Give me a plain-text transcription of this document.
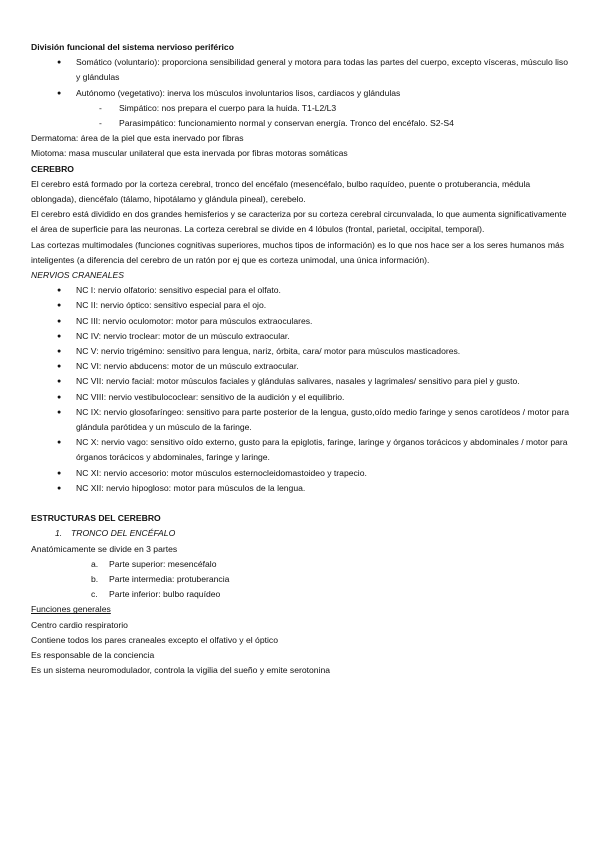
División funcional del sistema nervioso periférico

● Somático (voluntario): proporciona sensibilidad general y motora para todas las partes del cuerpo, excepto vísceras, músculo liso y glándulas
● Autónomo (vegetativo): inerva los músculos involuntarios lisos, cardiacos y glándulas
- Simpático: nos prepara el cuerpo para la huida. T1-L2/L3
- Parasimpático: funcionamiento normal y conservan energía. Tronco del encéfalo. S2-S4

Dermatoma: área de la piel que esta inervado por fibras

Miotoma: masa muscular unilateral que esta inervada por fibras motoras somáticas

CEREBRO

El cerebro está formado por la corteza cerebral, tronco del encéfalo (mesencéfalo, bulbo raquídeo, puente o protuberancia, médula oblongada), diencéfalo (tálamo, hipotálamo y glándula pineal), cerebelo.

El cerebro está dividido en dos grandes hemisferios y se caracteriza por su corteza cerebral circunvalada, lo que aumenta significativamente el área de superficie para las neuronas. La corteza cerebral se divide en 4 lóbulos (frontal, parietal, occipital, temporal).

Las cortezas multimodales (funciones cognitivas superiores, muchos tipos de información) es lo que nos hace ser a los seres humanos más inteligentes (a diferencia del cerebro de un ratón por ej que es corteza unimodal, una única información).

NERVIOS CRANEALES

● NC I: nervio olfatorio: sensitivo especial para el olfato.
● NC II: nervio óptico: sensitivo especial para el ojo.
● NC III: nervio oculomotor: motor para músculos extraoculares.
● NC IV: nervio troclear: motor de un músculo extraocular.
● NC V: nervio trigémino: sensitivo para lengua, nariz, órbita, cara/ motor para músculos masticadores.
● NC VI: nervio abducens: motor de un músculo extraocular.
● NC VII: nervio facial: motor músculos faciales y glándulas salivares, nasales y lagrimales/ sensitivo para piel y gusto.
● NC VIII: nervio vestibulococlear: sensitivo de la audición y el equilibrio.
● NC IX: nervio glosofaríngeo: sensitivo para parte posterior de la lengua, gusto,oído medio faringe y senos carotídeos / motor para glándula parótidea y un músculo de la faringe.
● NC X: nervio vago: sensitivo oído externo, gusto para la epiglotis, faringe, laringe y órganos torácicos y abdominales / motor para órganos torácicos y abdominales, faringe y laringe.
● NC XI: nervio accesorio: motor músculos esternocleidomastoideo y trapecio.
● NC XII: nervio hipogloso: motor para músculos de la lengua.

ESTRUCTURAS DEL CEREBRO

1. TRONCO DEL ENCÉFALO

Anatómicamente se divide en 3 partes

a. Parte superior: mesencéfalo
b. Parte intermedia: protuberancia
c. Parte inferior: bulbo raquídeo

Funciones generales

Centro cardio respiratorio

Contiene todos los pares craneales excepto el olfativo y el óptico

Es responsable de la conciencia

Es un sistema neuromodulador, controla la vigilia del sueño y emite serotonina
